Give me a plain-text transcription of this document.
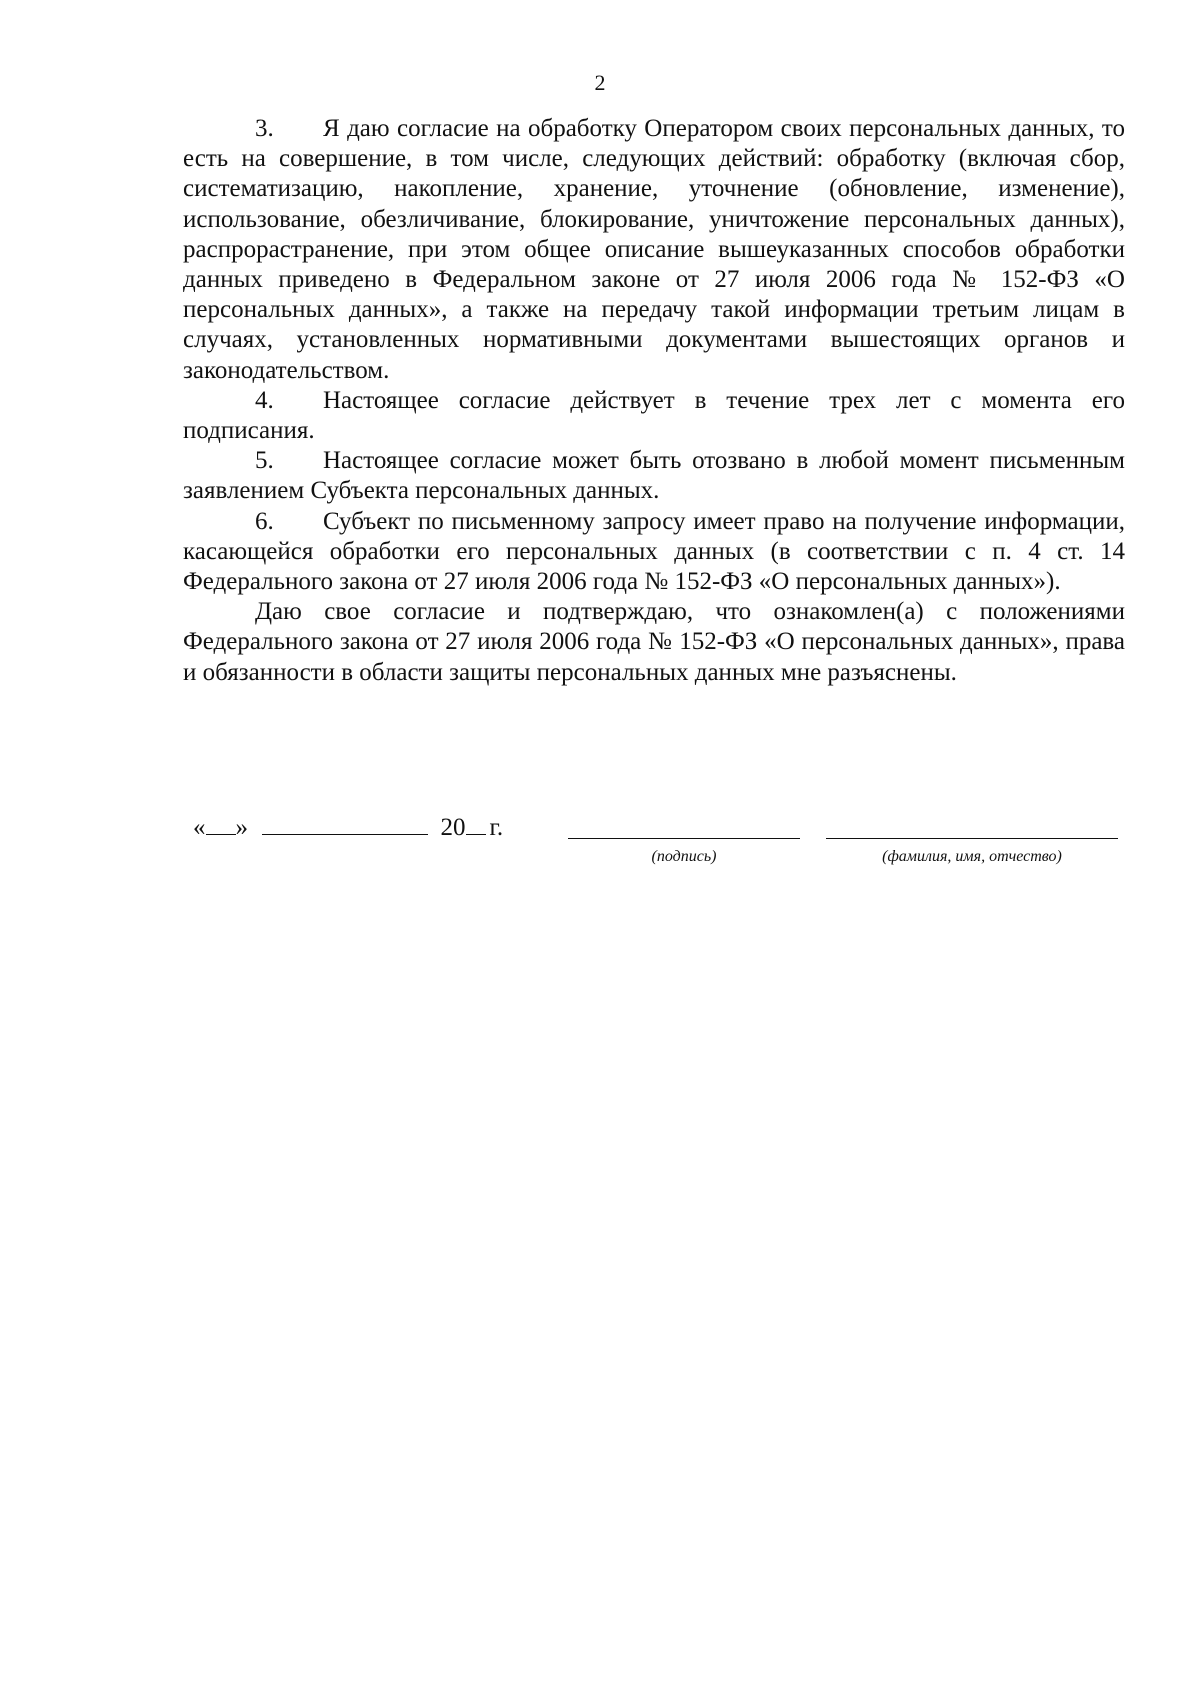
2

3. Я даю согласие на обработку Оператором своих персональных данных, то есть на совершение, в том числе, следующих действий: обработку (включая сбор, систематизацию, накопление, хранение, уточнение (обновление, изменение), использование, обезличивание, блокирование, уничтожение персональных данных), распрорастранение, при этом общее описание вышеуказанных способов обработки данных приведено в Федеральном законе от 27 июля 2006 года № 152-ФЗ «О персональных данных», а также на передачу такой информации третьим лицам в случаях, установленных нормативными документами вышестоящих органов и законодательством.

4. Настоящее согласие действует в течение трех лет с момента его подписания.

5. Настоящее согласие может быть отозвано в любой момент письменным заявлением Субъекта персональных данных.

6. Субъект по письменному запросу имеет право на получение информации, касающейся обработки его персональных данных (в соответствии с п. 4 ст. 14 Федерального закона от 27 июля 2006 года № 152-ФЗ «О персональных данных»).

Даю свое согласие и подтверждаю, что ознакомлен(а) с положениями Федерального закона от 27 июля 2006 года № 152-ФЗ «О персональных данных», права и обязанности в области защиты персональных данных мне разъяснены.

« »	20 г.
(подпись)	(фамилия, имя, отчество)
